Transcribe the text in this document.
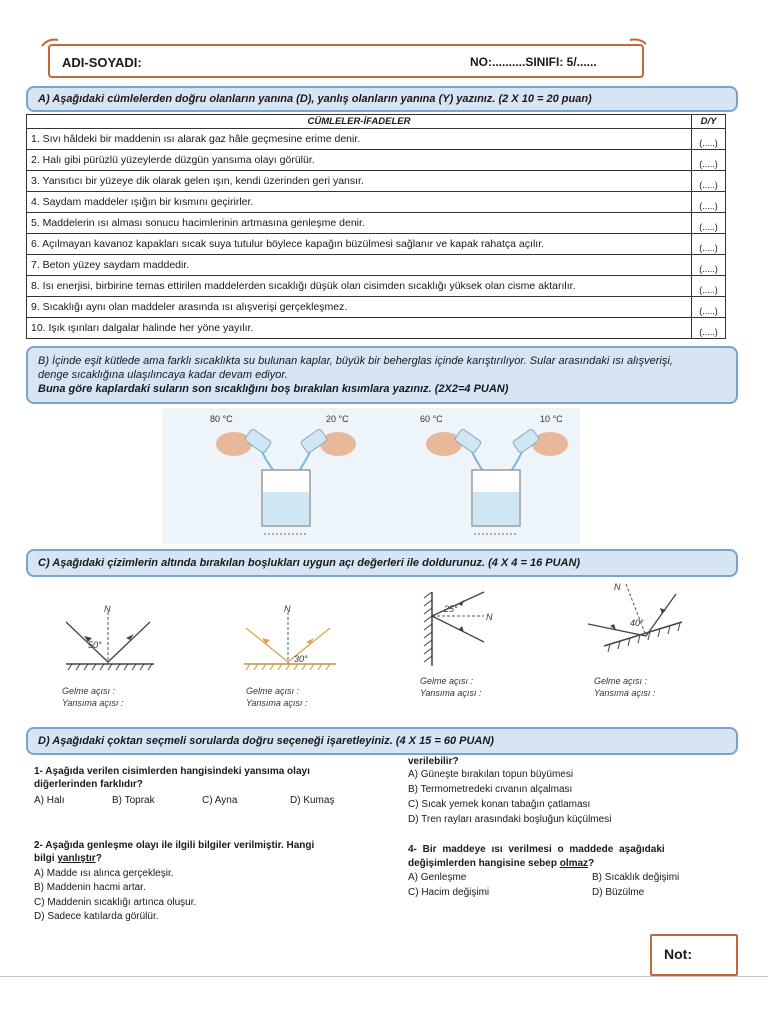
ADI-SOYADI:	NO:..........SINIFI: 5/......
A) Aşağıdaki cümlelerden doğru olanların yanına (D), yanlış olanların yanına (Y) yazınız. (2 X 10 = 20 puan)
CÜMLELER-İFADELER	D/Y
1. Sıvı hâldeki bir maddenin ısı alarak gaz hâle geçmesine erime denir.	(.....)
2. Halı gibi pürüzlü yüzeylerde düzgün yansıma olayı görülür.	(.....)
3. Yansıtıcı bir yüzeye dik olarak gelen ışın, kendi üzerinden geri yansır.	(.....)
4. Saydam maddeler ışığın bir kısmını geçirirler.	(.....)
5. Maddelerin ısı alması sonucu hacimlerinin artmasına genleşme denir.	(.....)
6. Açılmayan kavanoz kapakları sıcak suya tutulur böylece kapağın büzülmesi sağlanır ve kapak rahatça açılır.	(.....)
7. Beton yüzey saydam maddedir.	(.....)
8. Isı enerjisi, birbirine temas ettirilen maddelerden sıcaklığı düşük olan cisimden sıcaklığı yüksek olan cisme aktarılır.	(.....)
9. Sıcaklığı aynı olan maddeler arasında ısı alışverişi gerçekleşmez.	(.....)
10. Işık ışınları dalgalar halinde her yöne yayılır.	(.....)
B) İçinde eşit kütlede ama farklı sıcaklıkta su bulunan kaplar, büyük bir beherglas içinde karıştırılıyor. Sular arasındaki ısı alışverişi,
denge sıcaklığına ulaşılıncaya kadar devam ediyor.
Buna göre kaplardaki suların son sıcaklığını boş bırakılan kısımlara yazınız. (2X2=4 PUAN)
80 °C	20 °C	60 °C	10 °C
C) Aşağıdaki çizimlerin altında bırakılan boşlukları uygun açı değerleri ile doldurunuz. (4 X 4 = 16 PUAN)
N
50°
Gelme açısı :
Yansıma açısı :
N
30°
Gelme açısı :
Yansıma açısı :
25°
N
Gelme açısı :
Yansıma açısı :
N
40°
Gelme açısı :
Yansıma açısı :
D) Aşağıdaki çoktan seçmeli sorularda doğru seçeneği işaretleyiniz. (4 X 15 = 60 PUAN)
1- Aşağıda verilen cisimlerden hangisindeki yansıma olayı
diğerlerinden farklıdır?
A) Halı	B) Toprak	C) Ayna	D) Kumaş
2- Aşağıda genleşme olayı ile ilgili bilgiler verilmiştir. Hangi
bilgi yanlıştır?
A) Madde ısı alınca gerçekleşir.
B) Maddenin hacmi artar.
C) Maddenin sıcaklığı artınca oluşur.
D) Sadece katılarda görülür.
verilebilir?
A) Güneşte bırakılan topun büyümesi
B) Termometredeki cıvanın alçalması
C) Sıcak yemek konan tabağın çatlaması
D) Tren rayları arasındaki boşluğun küçülmesi
4- Bir maddeye ısı verilmesi o maddede aşağıdaki
değişimlerden hangisine sebep olmaz?
A) Genleşme	B) Sıcaklık değişimi
C) Hacim değişimi	D) Büzülme
Not:
